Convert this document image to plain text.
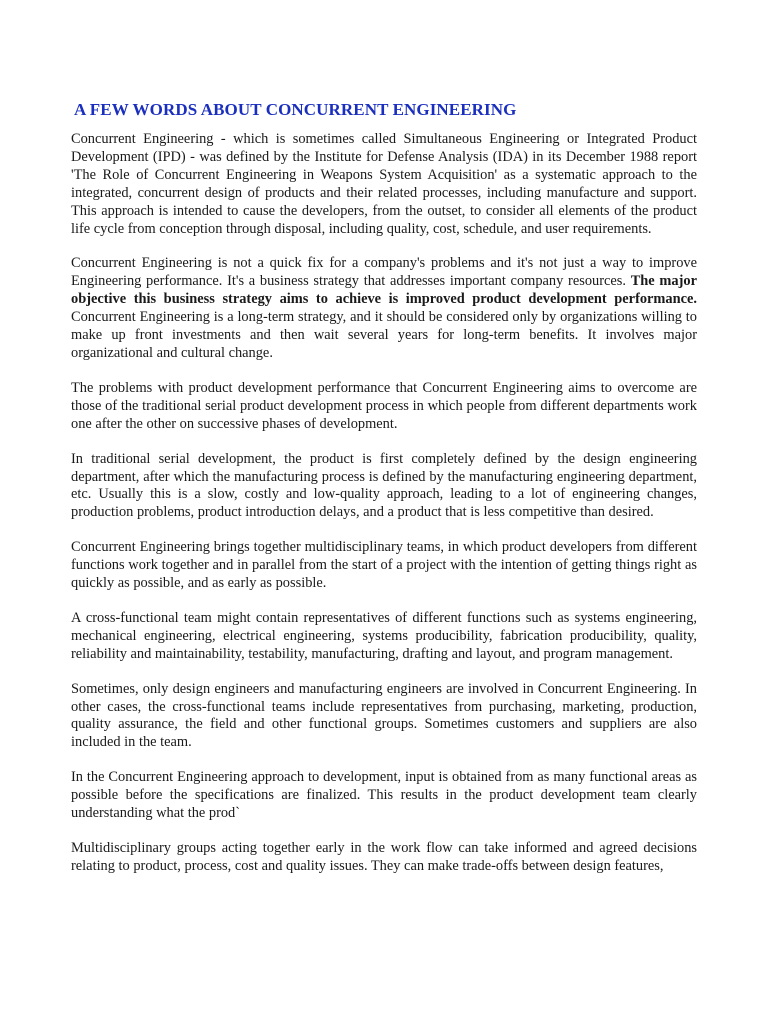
A FEW WORDS ABOUT CONCURRENT ENGINEERING

Concurrent Engineering - which is sometimes called Simultaneous Engineering or Integrated Product Development (IPD) - was defined by the Institute for Defense Analysis (IDA) in its December 1988 report 'The Role of Concurrent Engineering in Weapons System Acquisition' as a systematic approach to the integrated, concurrent design of products and their related processes, including manufacture and support. This approach is intended to cause the developers, from the outset, to consider all elements of the product life cycle from conception through disposal, including quality, cost, schedule, and user requirements.

Concurrent Engineering is not a quick fix for a company's problems and it's not just a way to improve Engineering performance. It's a business strategy that addresses important company resources. The major objective this business strategy aims to achieve is improved product development performance. Concurrent Engineering is a long-term strategy, and it should be considered only by organizations willing to make up front investments and then wait several years for long-term benefits. It involves major organizational and cultural change.

The problems with product development performance that Concurrent Engineering aims to overcome are those of the traditional serial product development process in which people from different departments work one after the other on successive phases of development.

In traditional serial development, the product is first completely defined by the design engineering department, after which the manufacturing process is defined by the manufacturing engineering department, etc. Usually this is a slow, costly and low-quality approach, leading to a lot of engineering changes, production problems, product introduction delays, and a product that is less competitive than desired.

Concurrent Engineering brings together multidisciplinary teams, in which product developers from different functions work together and in parallel from the start of a project with the intention of getting things right as quickly as possible, and as early as possible.

A cross-functional team might contain representatives of different functions such as systems engineering, mechanical engineering, electrical engineering, systems producibility, fabrication producibility, quality, reliability and maintainability, testability, manufacturing, drafting and layout, and program management.

Sometimes, only design engineers and manufacturing engineers are involved in Concurrent Engineering. In other cases, the cross-functional teams include representatives from purchasing, marketing, production, quality assurance, the field and other functional groups. Sometimes customers and suppliers are also included in the team.

In the Concurrent Engineering approach to development, input is obtained from as many functional areas as possible before the specifications are finalized. This results in the product development team clearly understanding what the prod`

Multidisciplinary groups acting together early in the work flow can take informed and agreed decisions relating to product, process, cost and quality issues. They can make trade-offs between design features,
